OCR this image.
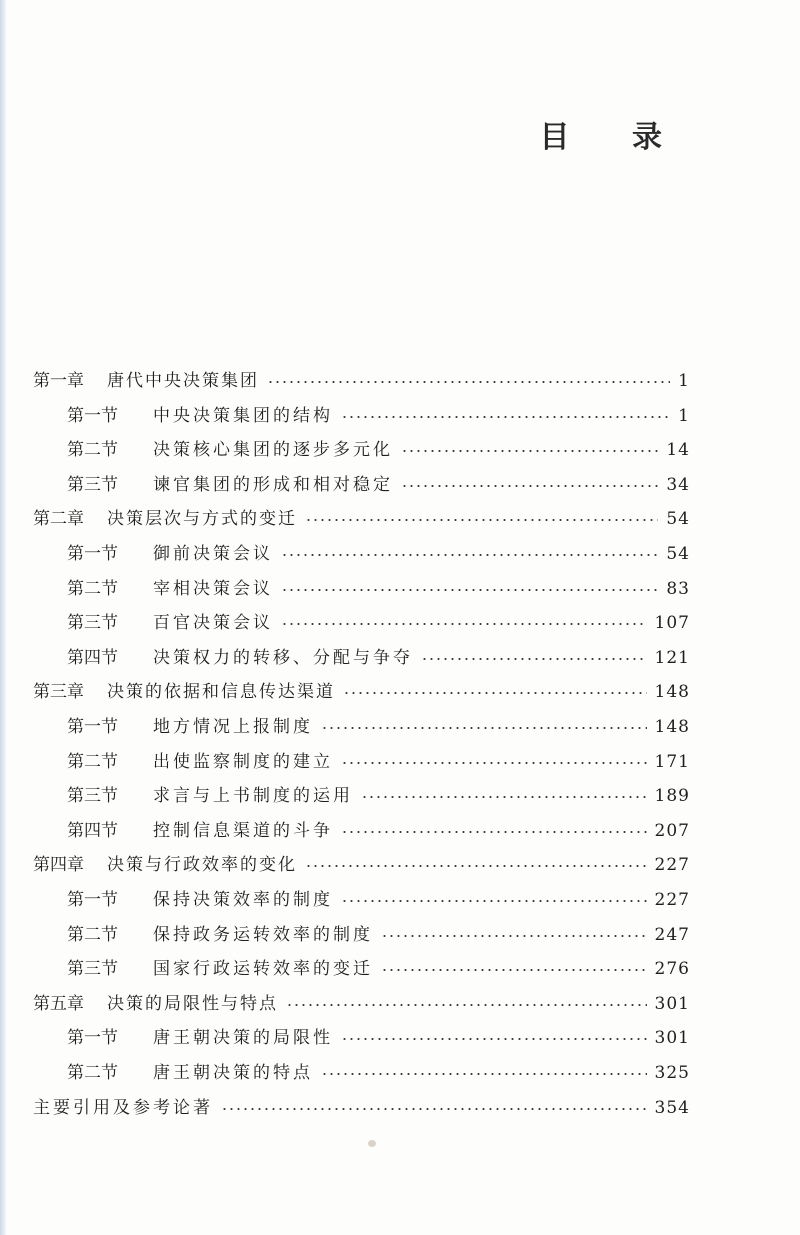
目 录
第一章 唐代中央决策集团	1
第一节 中央决策集团的结构	1
第二节 决策核心集团的逐步多元化	14
第三节 谏官集团的形成和相对稳定	34
第二章 决策层次与方式的变迁	54
第一节 御前决策会议	54
第二节 宰相决策会议	83
第三节 百官决策会议	107
第四节 决策权力的转移、分配与争夺	121
第三章 决策的依据和信息传达渠道	148
第一节 地方情况上报制度	148
第二节 出使监察制度的建立	171
第三节 求言与上书制度的运用	189
第四节 控制信息渠道的斗争	207
第四章 决策与行政效率的变化	227
第一节 保持决策效率的制度	227
第二节 保持政务运转效率的制度	247
第三节 国家行政运转效率的变迁	276
第五章 决策的局限性与特点	301
第一节 唐王朝决策的局限性	301
第二节 唐王朝决策的特点	325
主要引用及参考论著	354
